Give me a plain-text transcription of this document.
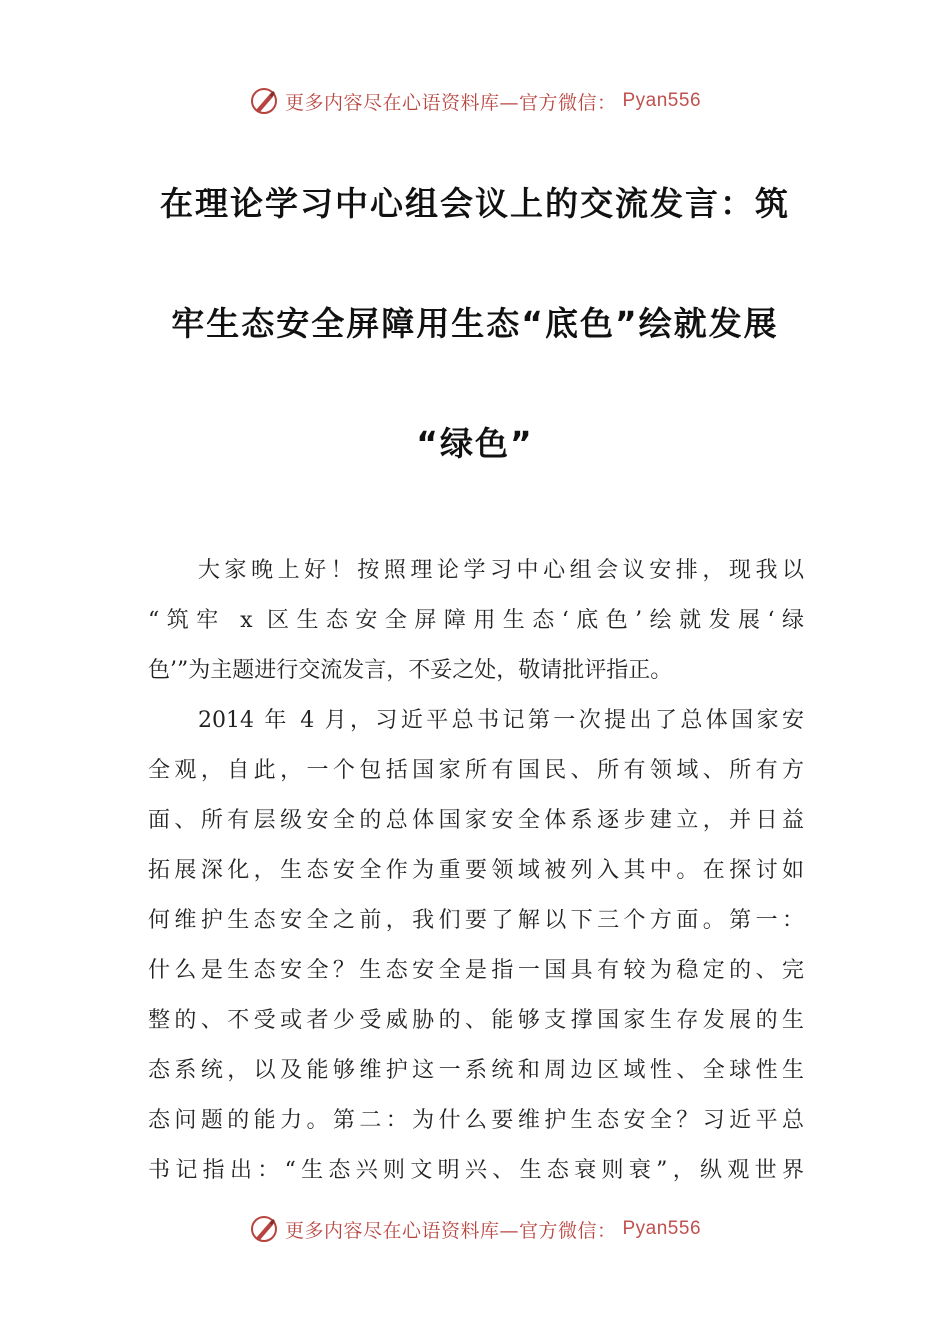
更多内容尽在心语资料库—官方微信： Pyan556
在理论学习中心组会议上的交流发言：筑
牢生态安全屏障用生态“底色”绘就发展
“绿色”
大家晚上好！按照理论学习中心组会议安排，现我以
“筑牢 x 区生态安全屏障用生态‘底色’绘就发展‘绿
色’”为主题进行交流发言，不妥之处，敬请批评指正。
2014 年 4 月，习近平总书记第一次提出了总体国家安
全观，自此，一个包括国家所有国民、所有领域、所有方
面、所有层级安全的总体国家安全体系逐步建立，并日益
拓展深化，生态安全作为重要领域被列入其中。在探讨如
何维护生态安全之前，我们要了解以下三个方面。第一：
什么是生态安全？生态安全是指一国具有较为稳定的、完
整的、不受或者少受威胁的、能够支撑国家生存发展的生
态系统，以及能够维护这一系统和周边区域性、全球性生
态问题的能力。第二：为什么要维护生态安全？习近平总
书记指出：“生态兴则文明兴、生态衰则衰”，纵观世界
更多内容尽在心语资料库—官方微信： Pyan556
